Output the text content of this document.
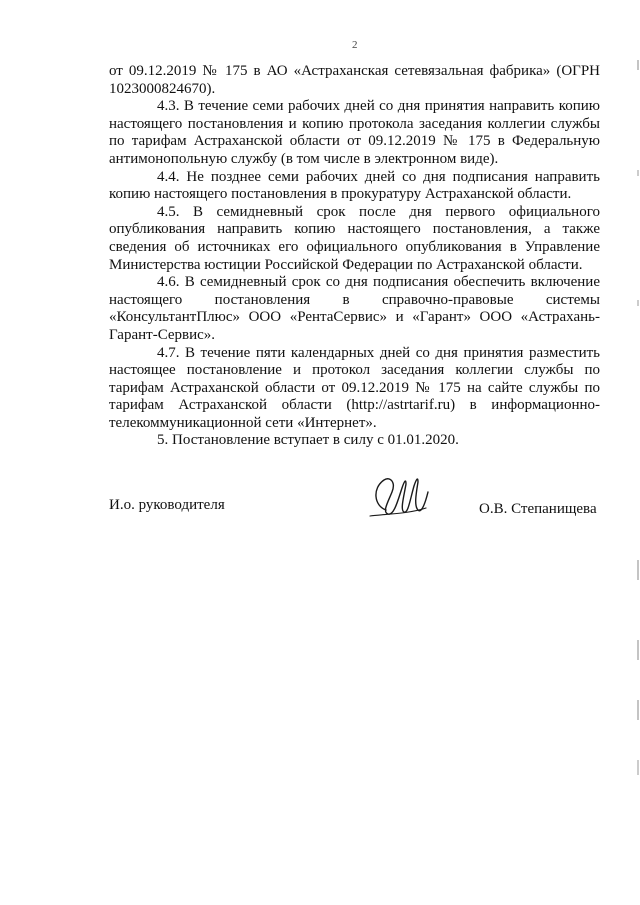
2

от 09.12.2019 № 175 в АО «Астраханская сетевязальная фабрика» (ОГРН 1023000824670).

4.3. В течение семи рабочих дней со дня принятия направить копию настоящего постановления и копию протокола заседания коллегии службы по тарифам Астраханской области от 09.12.2019 № 175 в Федеральную антимонопольную службу (в том числе в электронном виде).

4.4. Не позднее семи рабочих дней со дня подписания направить копию настоящего постановления в прокуратуру Астраханской области.

4.5. В семидневный срок после дня первого официального опубликования направить копию настоящего постановления, а также сведения об источниках его официального опубликования в Управление Министерства юстиции Российской Федерации по Астраханской области.

4.6. В семидневный срок со дня подписания обеспечить включение настоящего постановления в справочно-правовые системы «КонсультантПлюс» ООО «РентаСервис» и «Гарант» ООО «Астрахань-Гарант-Сервис».

4.7. В течение пяти календарных дней со дня принятия разместить настоящее постановление и протокол заседания коллегии службы по тарифам Астраханской области от 09.12.2019 № 175 на сайте службы по тарифам Астраханской области (http://astrtarif.ru) в информационно-телекоммуникационной сети «Интернет».

5. Постановление вступает в силу с 01.01.2020.

И.о. руководителя	О.В. Степанищева
